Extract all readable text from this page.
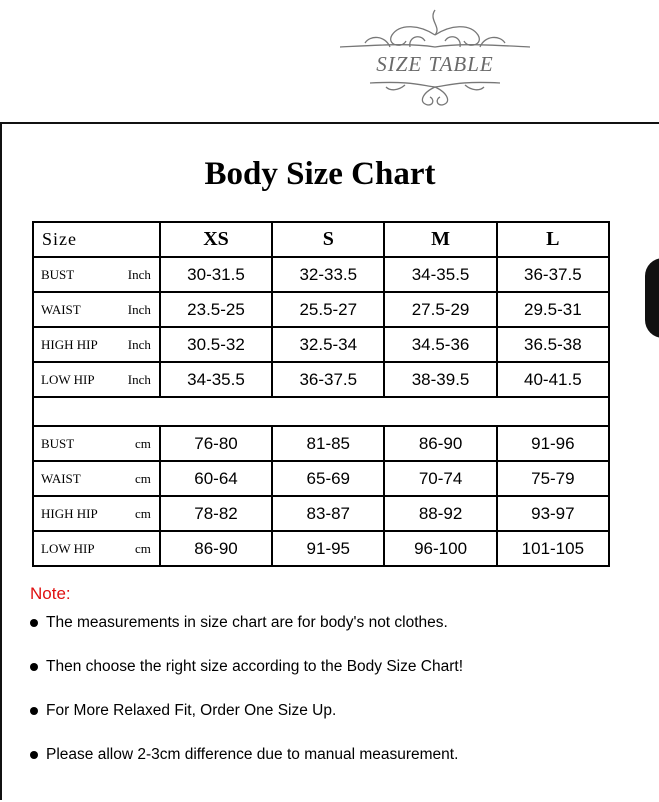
SIZE TABLE
Body Size Chart
Size	XS	S	M	L

BUST Inch	30-31.5	32-33.5	34-35.5	36-37.5

WAIST Inch	23.5-25	25.5-27	27.5-29	29.5-31

HIGH HIP Inch	30.5-32	32.5-34	34.5-36	36.5-38

LOW HIP Inch	34-35.5	36-37.5	38-39.5	40-41.5

BUST cm	76-80	81-85	86-90	91-96

WAIST cm	60-64	65-69	70-74	75-79

HIGH HIP cm	78-82	83-87	88-92	93-97

LOW HIP cm	86-90	91-95	96-100	101-105
Note:
The measurements in size chart are for body's not clothes.
Then choose the right size according to the Body Size Chart!
For More Relaxed Fit, Order One Size Up.
Please allow 2-3cm difference due to manual measurement.
